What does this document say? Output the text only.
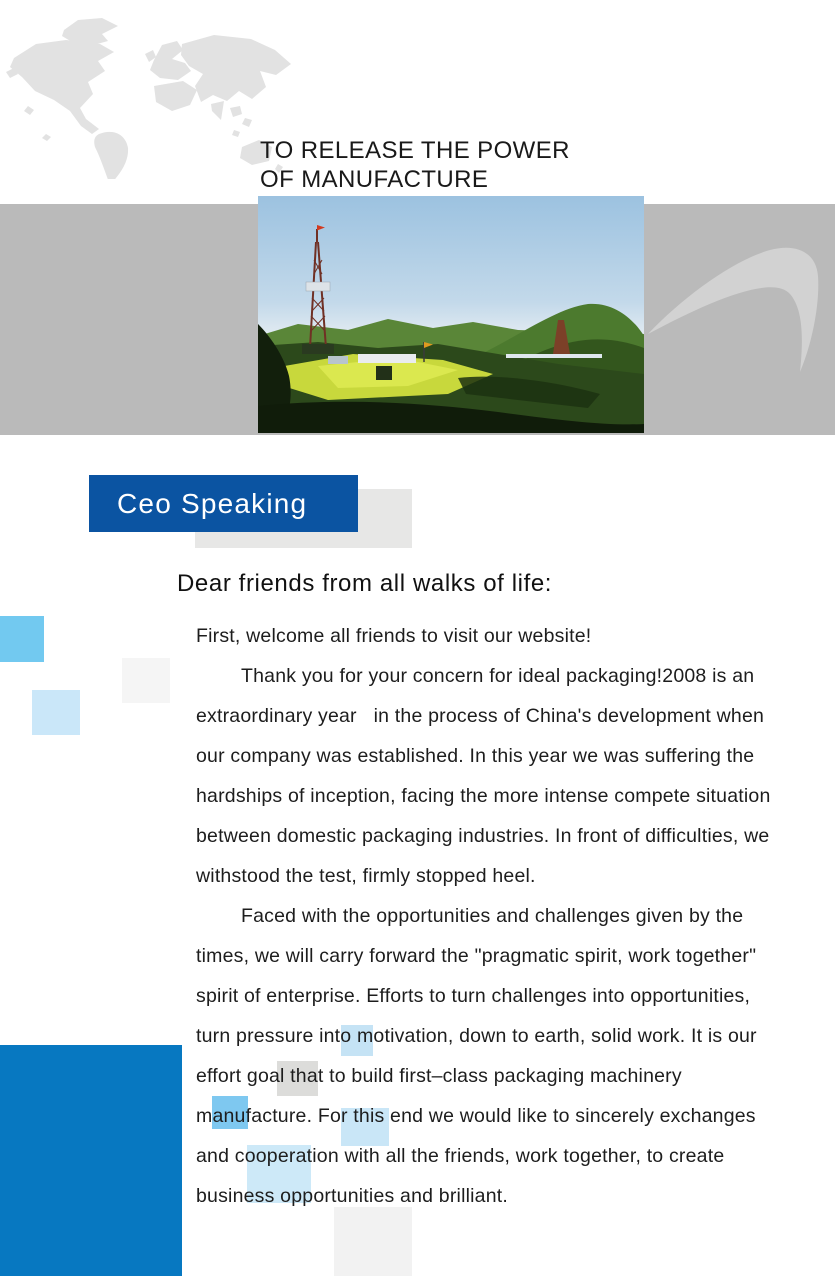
TO RELEASE THE POWER
OF MANUFACTURE
Ceo Speaking
Dear friends from all walks of life:
First, welcome all friends to visit our website!
Thank you for your concern for ideal packaging!2008 is an
extraordinary year   in the process of China's development when
our company was established. In this year we was suffering the
hardships of inception, facing the more intense compete situation
between domestic packaging industries. In front of difficulties, we
withstood the test, firmly stopped heel.
Faced with the opportunities and challenges given by the
times, we will carry forward the "pragmatic spirit, work together"
spirit of enterprise. Efforts to turn challenges into opportunities,
turn pressure into motivation, down to earth, solid work. It is our
effort goal that to build first–class packaging machinery
manufacture. For this end we would like to sincerely exchanges
and cooperation with all the friends, work together, to create
business opportunities and brilliant.
